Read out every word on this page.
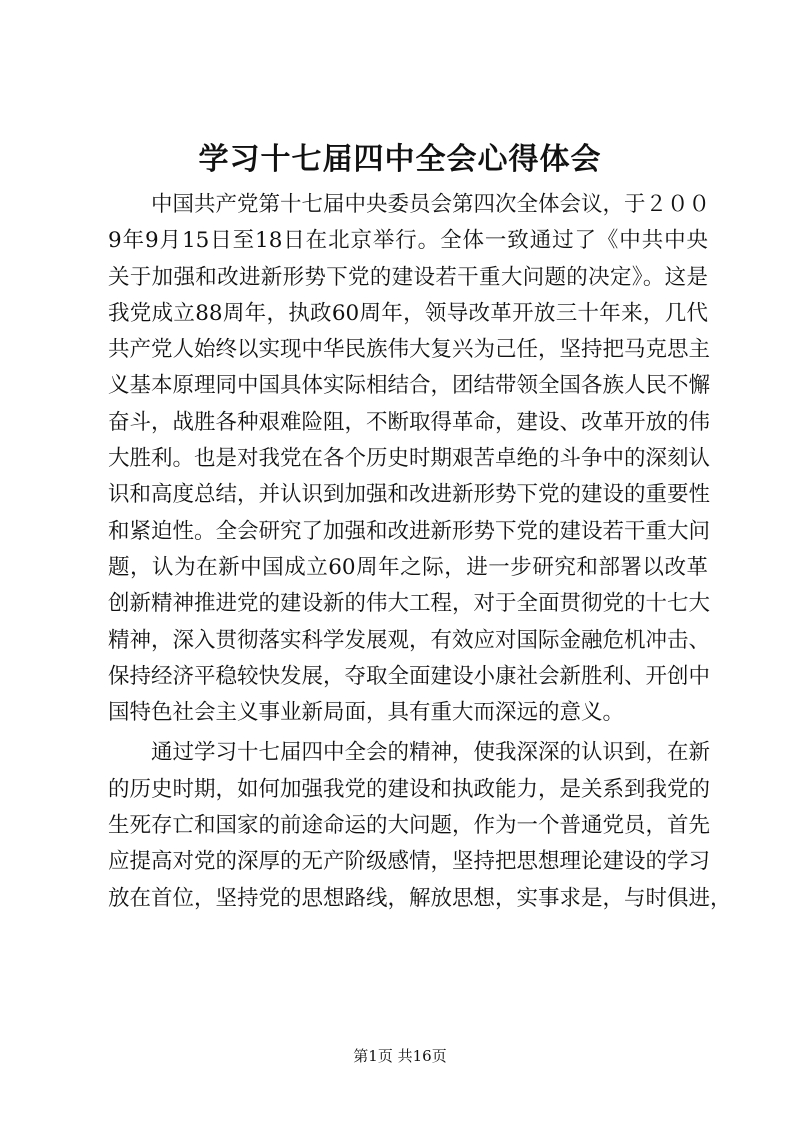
学习十七届四中全会心得体会
中国共产党第十七届中央委员会第四次全体会议，于２００
9年9月15日至18日在北京举行。全体一致通过了《中共中央
关于加强和改进新形势下党的建设若干重大问题的决定》。这是
我党成立88周年，执政60周年，领导改革开放三十年来，几代
共产党人始终以实现中华民族伟大复兴为己任，坚持把马克思主
义基本原理同中国具体实际相结合，团结带领全国各族人民不懈
奋斗，战胜各种艰难险阻，不断取得革命，建设、改革开放的伟
大胜利。也是对我党在各个历史时期艰苦卓绝的斗争中的深刻认
识和高度总结，并认识到加强和改进新形势下党的建设的重要性
和紧迫性。全会研究了加强和改进新形势下党的建设若干重大问
题，认为在新中国成立60周年之际，进一步研究和部署以改革
创新精神推进党的建设新的伟大工程，对于全面贯彻党的十七大
精神，深入贯彻落实科学发展观，有效应对国际金融危机冲击、
保持经济平稳较快发展，夺取全面建设小康社会新胜利、开创中
国特色社会主义事业新局面，具有重大而深远的意义。
通过学习十七届四中全会的精神，使我深深的认识到，在新
的历史时期，如何加强我党的建设和执政能力，是关系到我党的
生死存亡和国家的前途命运的大问题，作为一个普通党员，首先
应提高对党的深厚的无产阶级感情，坚持把思想理论建设的学习
放在首位，坚持党的思想路线，解放思想，实事求是，与时俱进，
第1页 共16页
